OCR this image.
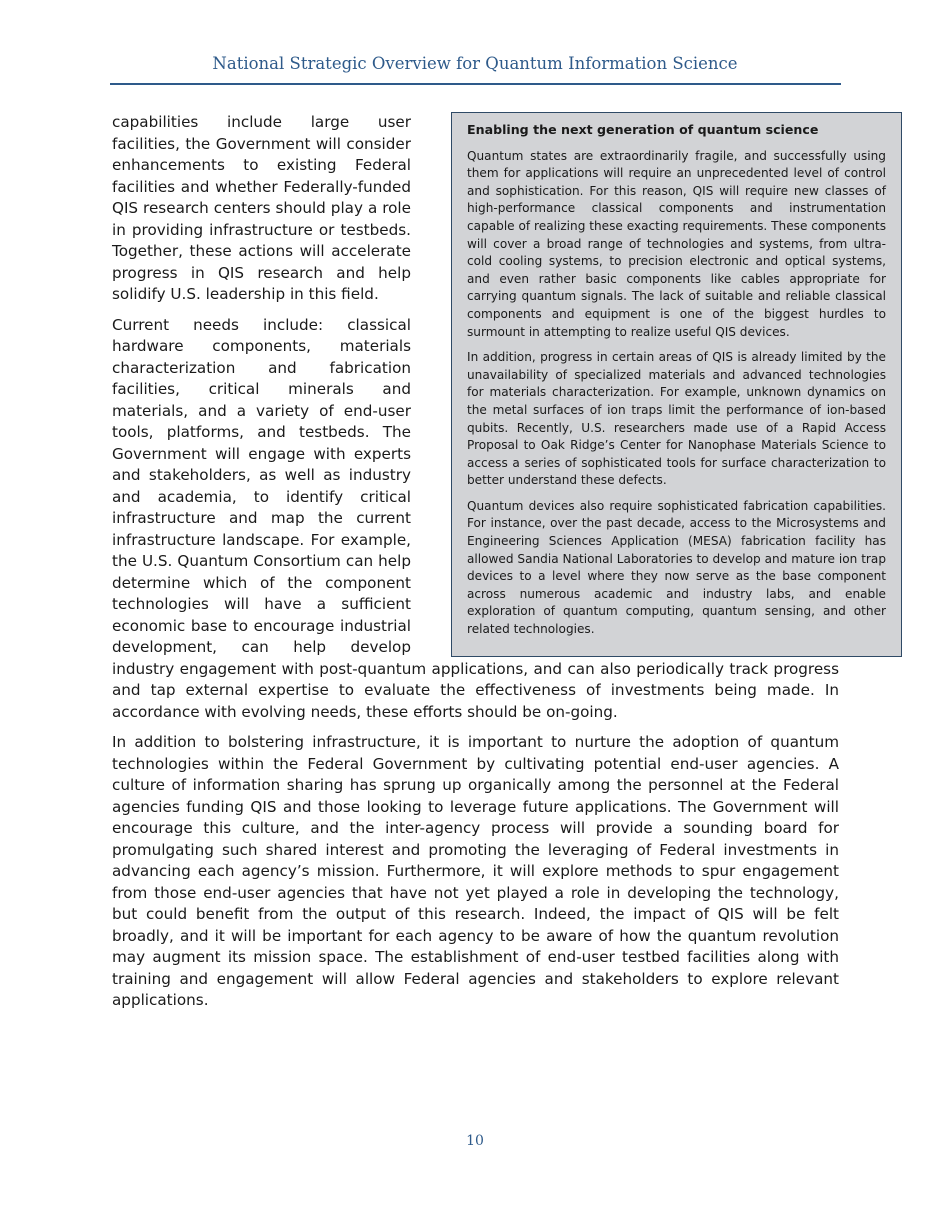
National Strategic Overview for Quantum Information Science
Enabling the next generation of quantum science

Quantum states are extraordinarily fragile, and successfully using them for applications will require an unprecedented level of control and sophistication. For this reason, QIS will require new classes of high-performance classical components and instrumentation capable of realizing these exacting requirements. These components will cover a broad range of technologies and systems, from ultra-cold cooling systems, to precision electronic and optical systems, and even rather basic components like cables appropriate for carrying quantum signals. The lack of suitable and reliable classical components and equipment is one of the biggest hurdles to surmount in attempting to realize useful QIS devices.

In addition, progress in certain areas of QIS is already limited by the unavailability of specialized materials and advanced technologies for materials characterization. For example, unknown dynamics on the metal surfaces of ion traps limit the performance of ion-based qubits. Recently, U.S. researchers made use of a Rapid Access Proposal to Oak Ridge’s Center for Nanophase Materials Science to access a series of sophisticated tools for surface characterization to better understand these defects.

Quantum devices also require sophisticated fabrication capabilities. For instance, over the past decade, access to the Microsystems and Engineering Sciences Application (MESA) fabrication facility has allowed Sandia National Laboratories to develop and mature ion trap devices to a level where they now serve as the base component across numerous academic and industry labs, and enable exploration of quantum computing, quantum sensing, and other related technologies.

capabilities include large user facilities, the Government will consider enhancements to existing Federal facilities and whether Federally-funded QIS research centers should play a role in providing infrastructure or testbeds. Together, these actions will accelerate progress in QIS research and help solidify U.S. leadership in this field.

Current needs include: classical hardware components, materials characterization and fabrication facilities, critical minerals and materials, and a variety of end-user tools, platforms, and testbeds. The Government will engage with experts and stakeholders, as well as industry and academia, to identify critical infrastructure and map the current infrastructure landscape. For example, the U.S. Quantum Consortium can help determine which of the component technologies will have a sufficient economic base to encourage industrial development, can help develop industry engagement with post-quantum applications, and can also periodically track progress and tap external expertise to evaluate the effectiveness of investments being made. In accordance with evolving needs, these efforts should be on-going.

In addition to bolstering infrastructure, it is important to nurture the adoption of quantum technologies within the Federal Government by cultivating potential end-user agencies. A culture of information sharing has sprung up organically among the personnel at the Federal agencies funding QIS and those looking to leverage future applications. The Government will encourage this culture, and the inter-agency process will provide a sounding board for promulgating such shared interest and promoting the leveraging of Federal investments in advancing each agency’s mission. Furthermore, it will explore methods to spur engagement from those end-user agencies that have not yet played a role in developing the technology, but could benefit from the output of this research. Indeed, the impact of QIS will be felt broadly, and it will be important for each agency to be aware of how the quantum revolution may augment its mission space. The establishment of end-user testbed facilities along with training and engagement will allow Federal agencies and stakeholders to explore relevant applications.

10
